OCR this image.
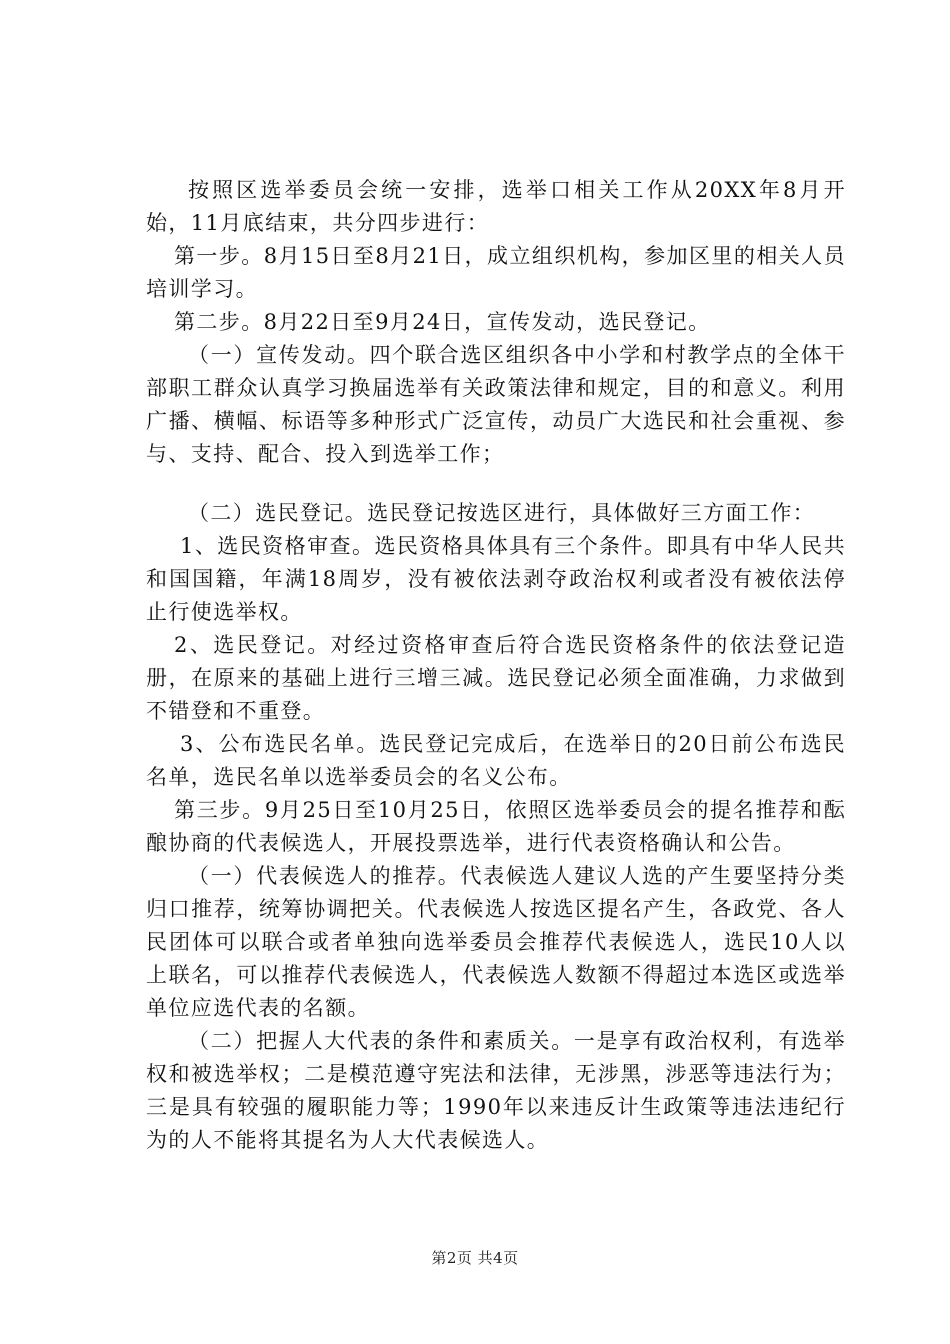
按照区选举委员会统一安排，选举口相关工作从20XX年8月开始，11月底结束，共分四步进行：

第一步。8月15日至8月21日，成立组织机构，参加区里的相关人员培训学习。

第二步。8月22日至9月24日，宣传发动，选民登记。

（一）宣传发动。四个联合选区组织各中小学和村教学点的全体干部职工群众认真学习换届选举有关政策法律和规定，目的和意义。利用广播、横幅、标语等多种形式广泛宣传，动员广大选民和社会重视、参与、支持、配合、投入到选举工作；

（二）选民登记。选民登记按选区进行，具体做好三方面工作：

1、选民资格审查。选民资格具体具有三个条件。即具有中华人民共和国国籍，年满18周岁，没有被依法剥夺政治权利或者没有被依法停止行使选举权。

2、选民登记。对经过资格审查后符合选民资格条件的依法登记造册，在原来的基础上进行三增三减。选民登记必须全面准确，力求做到不错登和不重登。

3、公布选民名单。选民登记完成后，在选举日的20日前公布选民名单，选民名单以选举委员会的名义公布。

第三步。9月25日至10月25日，依照区选举委员会的提名推荐和酝酿协商的代表候选人，开展投票选举，进行代表资格确认和公告。

（一）代表候选人的推荐。代表候选人建议人选的产生要坚持分类归口推荐，统筹协调把关。代表候选人按选区提名产生，各政党、各人民团体可以联合或者单独向选举委员会推荐代表候选人，选民10人以上联名，可以推荐代表候选人，代表候选人数额不得超过本选区或选举单位应选代表的名额。

（二）把握人大代表的条件和素质关。一是享有政治权利，有选举权和被选举权；二是模范遵守宪法和法律，无涉黑，涉恶等违法行为；三是具有较强的履职能力等；1990年以来违反计生政策等违法违纪行为的人不能将其提名为人大代表候选人。

第2页 共4页
